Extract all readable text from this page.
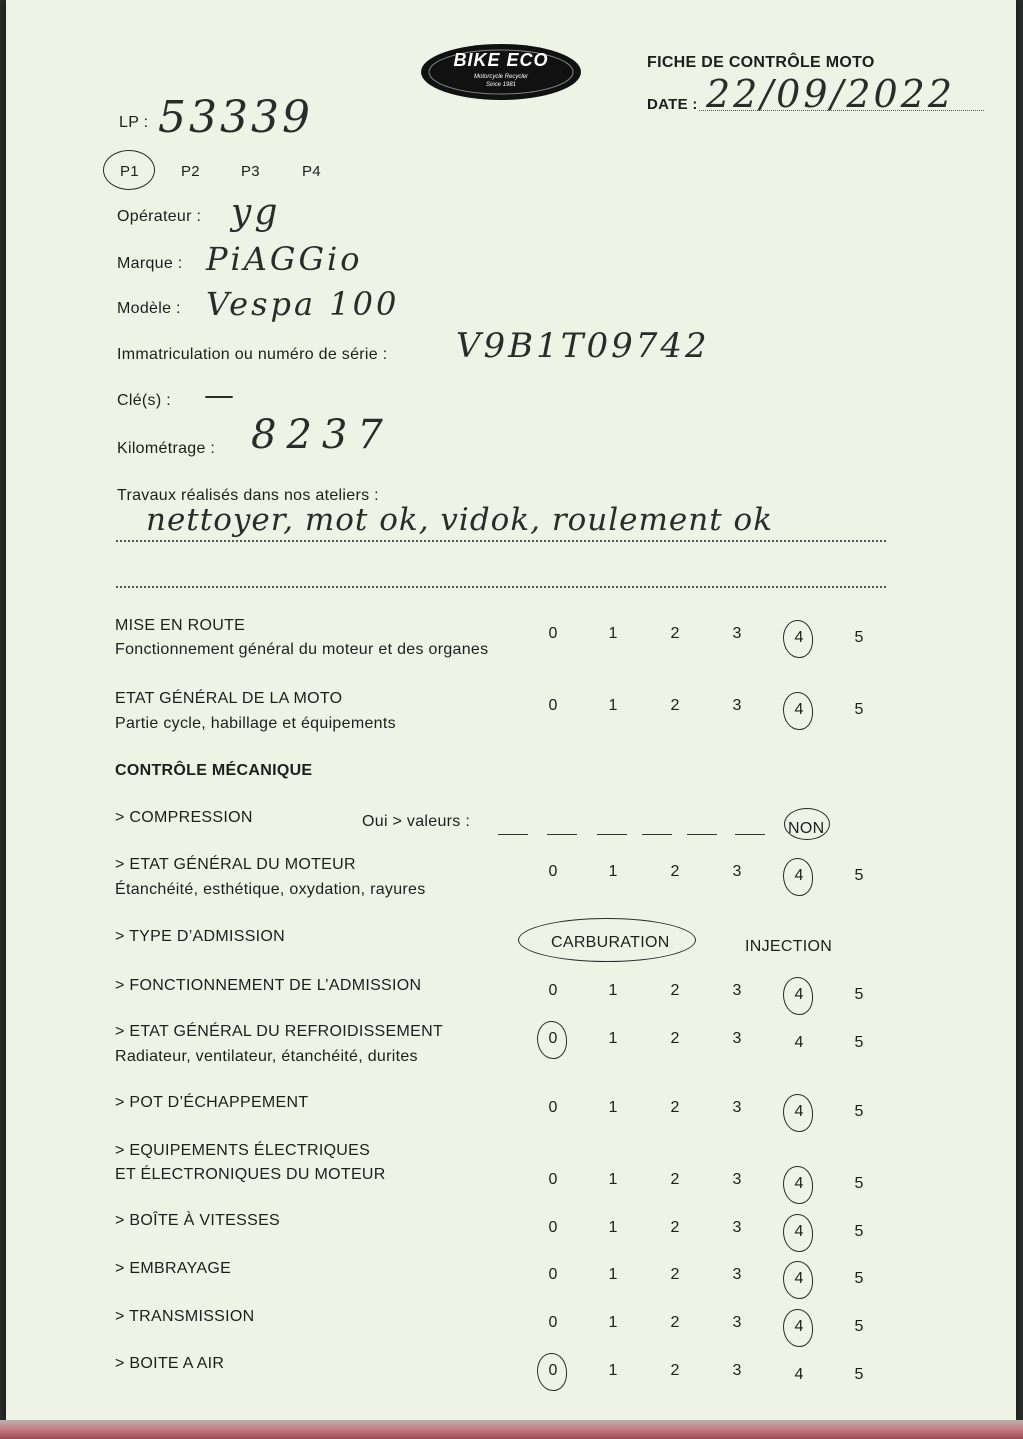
BIKE ECO
Motorcycle Recycler
Since 1981
FICHE DE CONTRÔLE MOTO
DATE : 22/09/2022
LP : 53339
P1	P2	P3	P4
Opérateur : yg
Marque : PiAGGio
Modèle : Vespa 100
Immatriculation ou numéro de série : V9B1T09742
Clé(s) : —
Kilométrage : 8237
Travaux réalisés dans nos ateliers :
nettoyer, mot ok, vidok, roulement ok
CONTRÔLE MÉCANIQUE
> COMPRESSION	Oui > valeurs :	NON
> TYPE D’ADMISSION	CARBURATION	INJECTION
MISE EN ROUTE
Fonctionnement général du moteur et des organes
0	1	2	3	4	5
ETAT GÉNÉRAL DE LA MOTO
Partie cycle, habillage et équipements
0	1	2	3	4	5
> ETAT GÉNÉRAL DU MOTEUR
Étanchéité, esthétique, oxydation, rayures
0	1	2	3	4	5
> FONCTIONNEMENT DE L’ADMISSION	0	1	2	3	4	5
> ETAT GÉNÉRAL DU REFROIDISSEMENT
Radiateur, ventilateur, étanchéité, durites
0	1	2	3	4	5
> POT D’ÉCHAPPEMENT	0	1	2	3	4	5
> EQUIPEMENTS ÉLECTRIQUES
ET ÉLECTRONIQUES DU MOTEUR	0	1	2	3	4	5
> BOÎTE À VITESSES	0	1	2	3	4	5
> EMBRAYAGE	0	1	2	3	4	5
> TRANSMISSION	0	1	2	3	4	5
> BOITE A AIR	0	1	2	3	4	5
